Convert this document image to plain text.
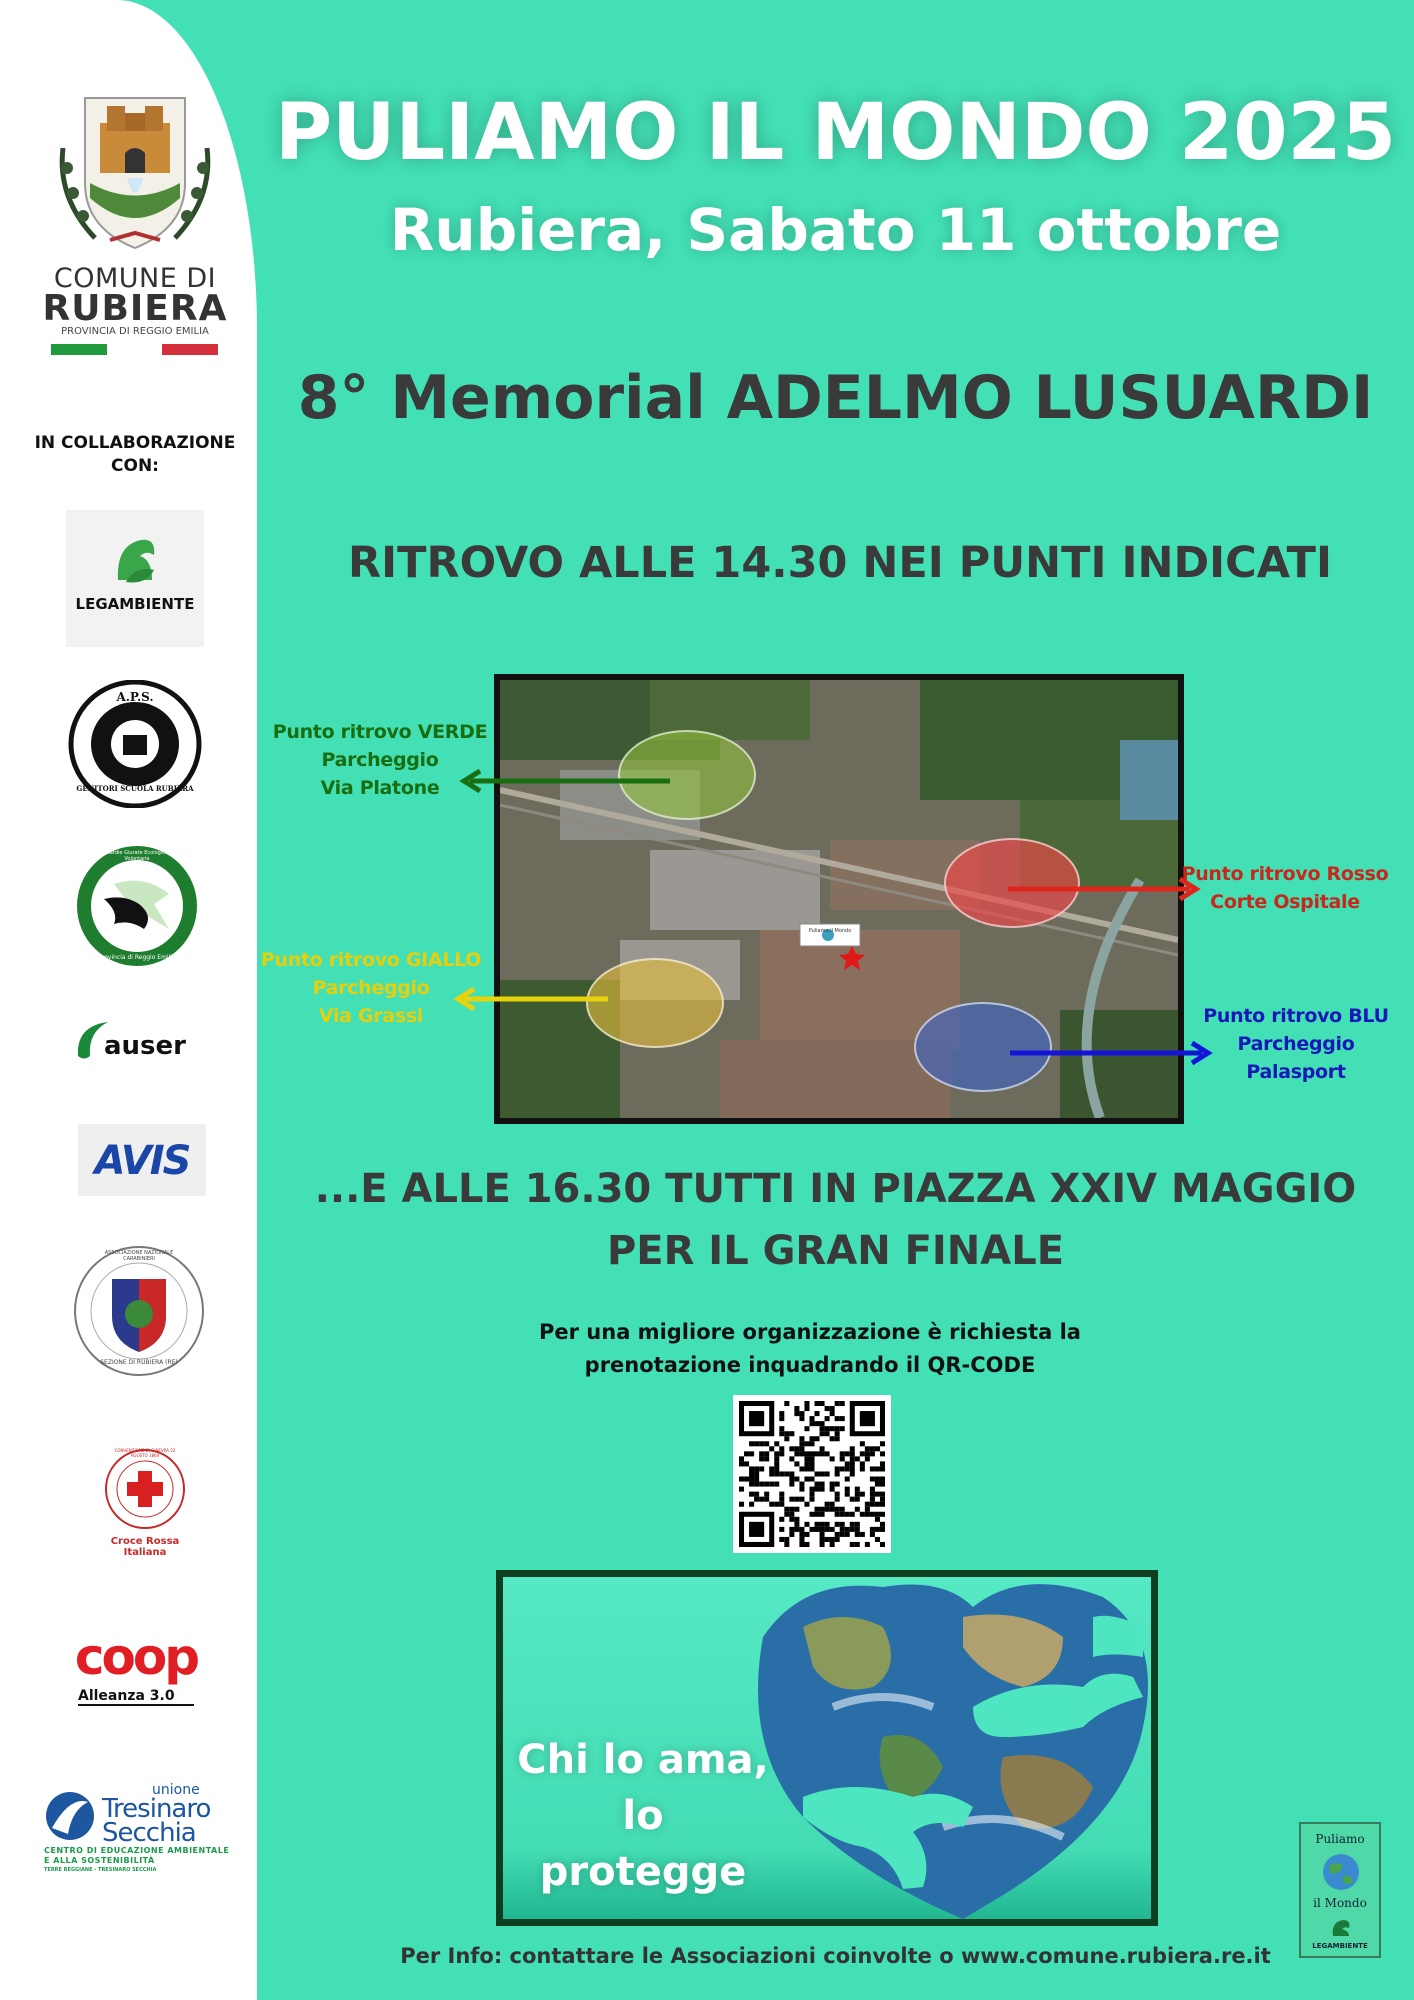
COMUNE DI
RUBIERA
PROVINCIA DI REGGIO EMILIA
IN COLLABORAZIONE
CON:
LEGAMBIENTE
A.P.S.
GENITORI SCUOLA RUBIERA
Guardie Giurate Ecologiche Volontarie
Provincia di Reggio Emilia
auser
AVIS
ASSOCIAZIONE NAZIONALE CARABINIERI
SEZIONE DI RUBIERA (RE)
CONVENZIONE DI GINEVRA 22 AGOSTO 1864
Croce Rossa Italiana
coop
Alleanza 3.0
unione
Tresinaro
Secchia
CENTRO DI EDUCAZIONE AMBIENTALE
E ALLA SOSTENIBILITÀ
TERRE REGGIANE - TRESINARO SECCHIA
PULIAMO IL MONDO 2025
Rubiera, Sabato 11 ottobre
8° Memorial ADELMO LUSUARDI
RITROVO ALLE 14.30 NEI PUNTI INDICATI
Puliamo il Mondo
Punto ritrovo VERDE
Parcheggio
Via Platone
Punto ritrovo Rosso
Corte Ospitale
Punto ritrovo GIALLO
Parcheggio
Via Grassi	Punto ritrovo BLU
Parcheggio
Palasport
...E ALLE 16.30 TUTTI IN PIAZZA XXIV MAGGIO
PER IL GRAN FINALE
Per una migliore organizzazione è richiesta la
prenotazione inquadrando il QR-CODE
Chi lo ama,
lo protegge
Puliamo
il Mondo
LEGAMBIENTE
Per Info: contattare le Associazioni coinvolte o www.comune.rubiera.re.it
